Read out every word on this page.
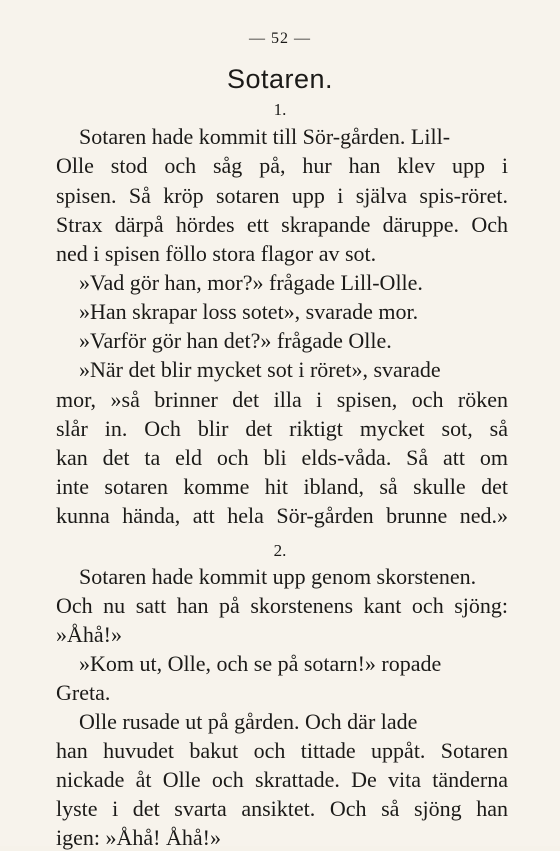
— 52 —
Sotaren.
1.
Sotaren hade kommit till Sör-gården. Lill-
Olle stod och såg på, hur han klev upp i
spisen. Så kröp sotaren upp i själva spis-röret.
Strax därpå hördes ett skrapande däruppe. Och
ned i spisen föllo stora flagor av sot.
»Vad gör han, mor?» frågade Lill-Olle.
»Han skrapar loss sotet», svarade mor.
»Varför gör han det?» frågade Olle.
»När det blir mycket sot i röret», svarade
mor, »så brinner det illa i spisen, och röken
slår in. Och blir det riktigt mycket sot, så
kan det ta eld och bli elds-våda. Så att om
inte sotaren komme hit ibland, så skulle det
kunna hända, att hela Sör-gården brunne ned.»
2.
Sotaren hade kommit upp genom skorstenen.
Och nu satt han på skorstenens kant och sjöng:
»Åhå!»
»Kom ut, Olle, och se på sotarn!» ropade
Greta.
Olle rusade ut på gården. Och där lade
han huvudet bakut och tittade uppåt. Sotaren
nickade åt Olle och skrattade. De vita tänderna
lyste i det svarta ansiktet. Och så sjöng han
igen: »Åhå! Åhå!»
